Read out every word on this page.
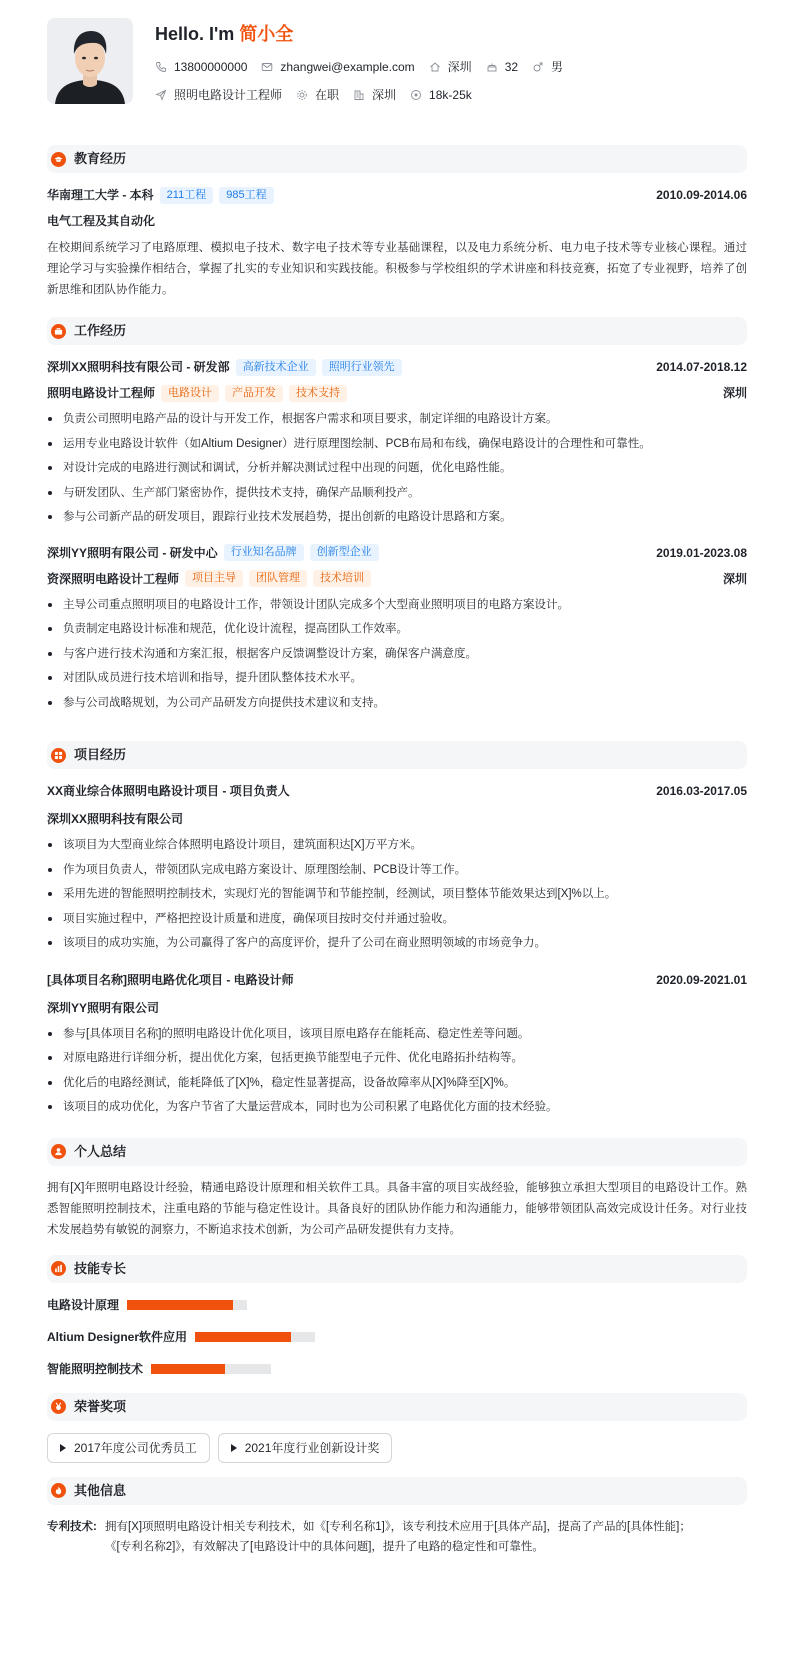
Hello. I'm 简小全
13800000000	zhangwei@example.com	深圳	32	男
照明电路设计工程师	在职	深圳	18k-25k
教育经历
华南理工大学 - 本科	211工程	985工程	2010.09-2014.06
电气工程及其自动化

在校期间系统学习了电路原理、模拟电子技术、数字电子技术等专业基础课程，以及电力系统分析、电力电子技术等专业核心课程。通过理论学习与实验操作相结合，掌握了扎实的专业知识和实践技能。积极参与学校组织的学术讲座和科技竞赛，拓宽了专业视野，培养了创新思维和团队协作能力。

工作经历
深圳XX照明科技有限公司 - 研发部	高新技术企业	照明行业领先	2014.07-2018.12
照明电路设计工程师	电路设计	产品开发	技术支持	深圳
负责公司照明电路产品的设计与开发工作，根据客户需求和项目要求，制定详细的电路设计方案。
运用专业电路设计软件（如Altium Designer）进行原理图绘制、PCB布局和布线，确保电路设计的合理性和可靠性。
对设计完成的电路进行测试和调试，分析并解决测试过程中出现的问题，优化电路性能。
与研发团队、生产部门紧密协作，提供技术支持，确保产品顺利投产。
参与公司新产品的研发项目，跟踪行业技术发展趋势，提出创新的电路设计思路和方案。
深圳YY照明有限公司 - 研发中心	行业知名品牌	创新型企业	2019.01-2023.08
资深照明电路设计工程师	项目主导	团队管理	技术培训	深圳
主导公司重点照明项目的电路设计工作，带领设计团队完成多个大型商业照明项目的电路方案设计。
负责制定电路设计标准和规范，优化设计流程，提高团队工作效率。
与客户进行技术沟通和方案汇报，根据客户反馈调整设计方案，确保客户满意度。
对团队成员进行技术培训和指导，提升团队整体技术水平。
参与公司战略规划，为公司产品研发方向提供技术建议和支持。
项目经历
XX商业综合体照明电路设计项目 - 项目负责人	2016.03-2017.05
深圳XX照明科技有限公司
该项目为大型商业综合体照明电路设计项目，建筑面积达[X]万平方米。
作为项目负责人，带领团队完成电路方案设计、原理图绘制、PCB设计等工作。
采用先进的智能照明控制技术，实现灯光的智能调节和节能控制，经测试，项目整体节能效果达到[X]%以上。
项目实施过程中，严格把控设计质量和进度，确保项目按时交付并通过验收。
该项目的成功实施，为公司赢得了客户的高度评价，提升了公司在商业照明领域的市场竞争力。
[具体项目名称]照明电路优化项目 - 电路设计师	2020.09-2021.01
深圳YY照明有限公司
参与[具体项目名称]的照明电路设计优化项目，该项目原电路存在能耗高、稳定性差等问题。
对原电路进行详细分析，提出优化方案，包括更换节能型电子元件、优化电路拓扑结构等。
优化后的电路经测试，能耗降低了[X]%，稳定性显著提高，设备故障率从[X]%降至[X]%。
该项目的成功优化，为客户节省了大量运营成本，同时也为公司积累了电路优化方面的技术经验。
个人总结

拥有[X]年照明电路设计经验，精通电路设计原理和相关软件工具。具备丰富的项目实战经验，能够独立承担大型项目的电路设计工作。熟悉智能照明控制技术，注重电路的节能与稳定性设计。具备良好的团队协作能力和沟通能力，能够带领团队高效完成设计任务。对行业技术发展趋势有敏锐的洞察力，不断追求技术创新，为公司产品研发提供有力支持。

技能专长
电路设计原理
Altium Designer软件应用
智能照明控制技术
荣誉奖项
2017年度公司优秀员工	2021年度行业创新设计奖
其他信息
专利技术: 拥有[X]项照明电路设计相关专利技术，如《[专利名称1]》，该专利技术应用于[具体产品]，提高了产品的[具体性能]；
《[专利名称2]》，有效解决了[电路设计中的具体问题]，提升了电路的稳定性和可靠性。
